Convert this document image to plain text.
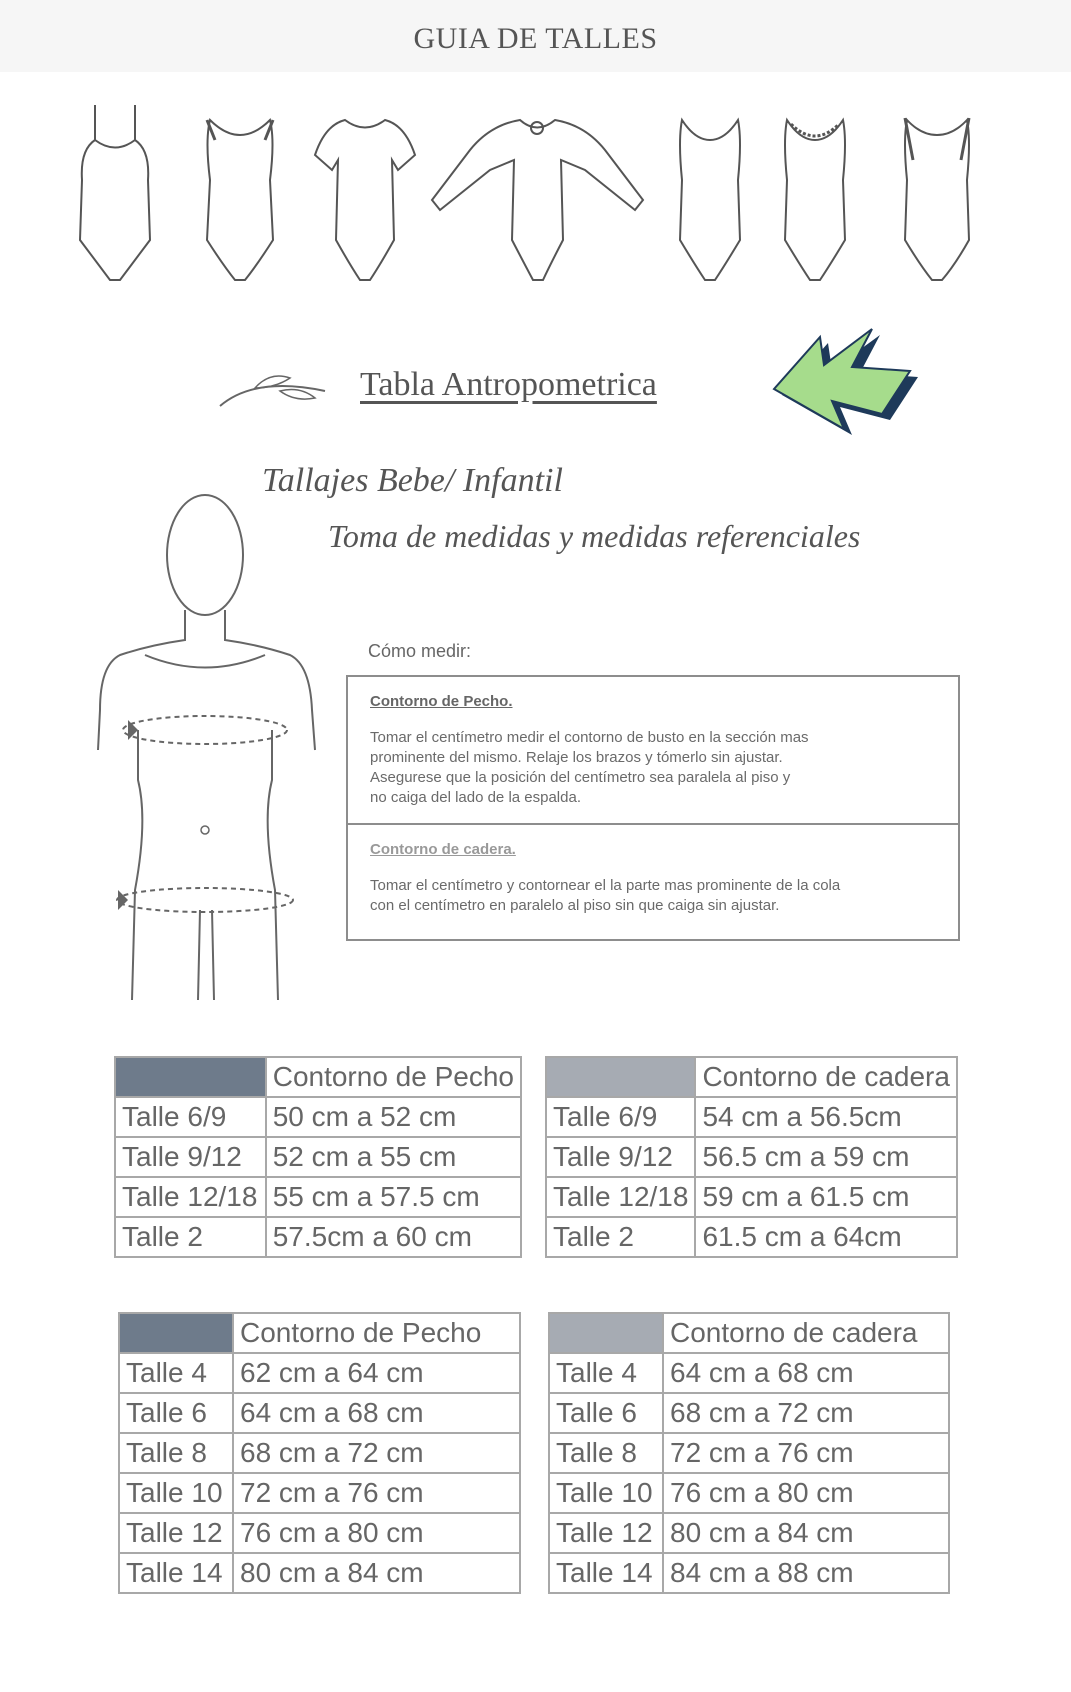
GUIA DE TALLES
Tabla Antropometrica
Tallajes Bebe/ Infantil
Toma de medidas y medidas referenciales
Cómo medir:
Contorno de Pecho.
Tomar el centímetro medir el contorno de busto en la sección mas
prominente del mismo. Relaje los brazos y tómerlo sin ajustar.
Asegurese que la posición del centímetro sea paralela al piso y
no caiga del lado de la espalda.
Contorno de cadera.
Tomar el centímetro y contornear el la parte mas prominente de la cola
con el centímetro en paralelo al piso sin que caiga sin ajustar.
	Contorno de Pecho
Talle 6/9	50 cm a 52 cm
Talle 9/12	52 cm a 55 cm
Talle 12/18	55 cm a 57.5 cm
Talle 2	57.5cm a 60 cm
	Contorno de cadera
Talle 6/9	54 cm a 56.5cm
Talle 9/12	56.5 cm a 59 cm
Talle 12/18	59 cm a 61.5 cm
Talle 2	61.5 cm a 64cm
	Contorno de Pecho
Talle 4	62 cm a 64 cm
Talle 6	64 cm a 68 cm
Talle 8	68 cm a 72 cm
Talle 10	72 cm a 76 cm
Talle 12	76 cm a 80 cm
Talle 14	80 cm a 84 cm
	Contorno de cadera
Talle 4	64 cm a 68 cm
Talle 6	68 cm a 72 cm
Talle 8	72 cm a 76 cm
Talle 10	76 cm a 80 cm
Talle 12	80 cm a 84 cm
Talle 14	84 cm a 88 cm
